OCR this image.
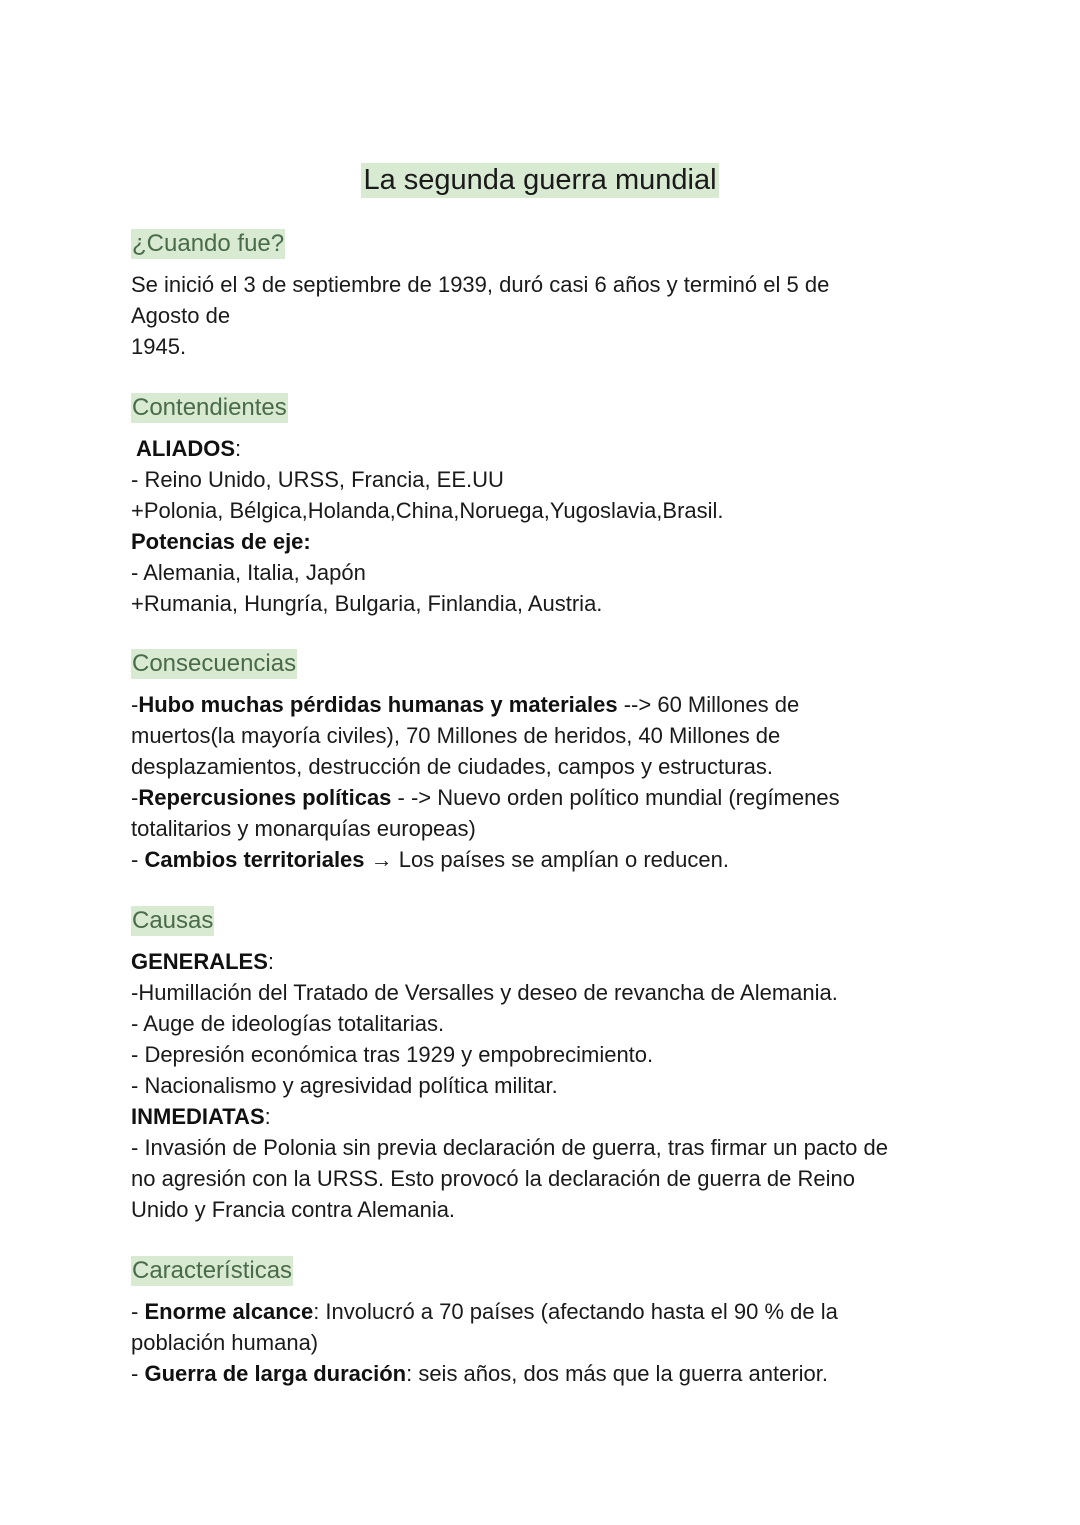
La segunda guerra mundial
¿Cuando fue?
Se inició el 3 de septiembre de 1939, duró casi 6 años y terminó el 5 de
Agosto de
1945.
Contendientes
ALIADOS:
- Reino Unido, URSS, Francia, EE.UU
+Polonia, Bélgica,Holanda,China,Noruega,Yugoslavia,Brasil.
Potencias de eje:
- Alemania, Italia, Japón
+Rumania, Hungría, Bulgaria, Finlandia, Austria.
Consecuencias
-Hubo muchas pérdidas humanas y materiales --> 60 Millones de
muertos(la mayoría civiles), 70 Millones de heridos, 40 Millones de
desplazamientos, destrucción de ciudades, campos y estructuras.
-Repercusiones políticas - -> Nuevo orden político mundial (regímenes
totalitarios y monarquías europeas)
- Cambios territoriales → Los países se amplían o reducen.
Causas
GENERALES:
-Humillación del Tratado de Versalles y deseo de revancha de Alemania.
- Auge de ideologías totalitarias.
- Depresión económica tras 1929 y empobrecimiento.
- Nacionalismo y agresividad política militar.
INMEDIATAS:
- Invasión de Polonia sin previa declaración de guerra, tras firmar un pacto de
no agresión con la URSS. Esto provocó la declaración de guerra de Reino
Unido y Francia contra Alemania.
Características
- Enorme alcance: Involucró a 70 países (afectando hasta el 90 % de la
población humana)
- Guerra de larga duración: seis años, dos más que la guerra anterior.
